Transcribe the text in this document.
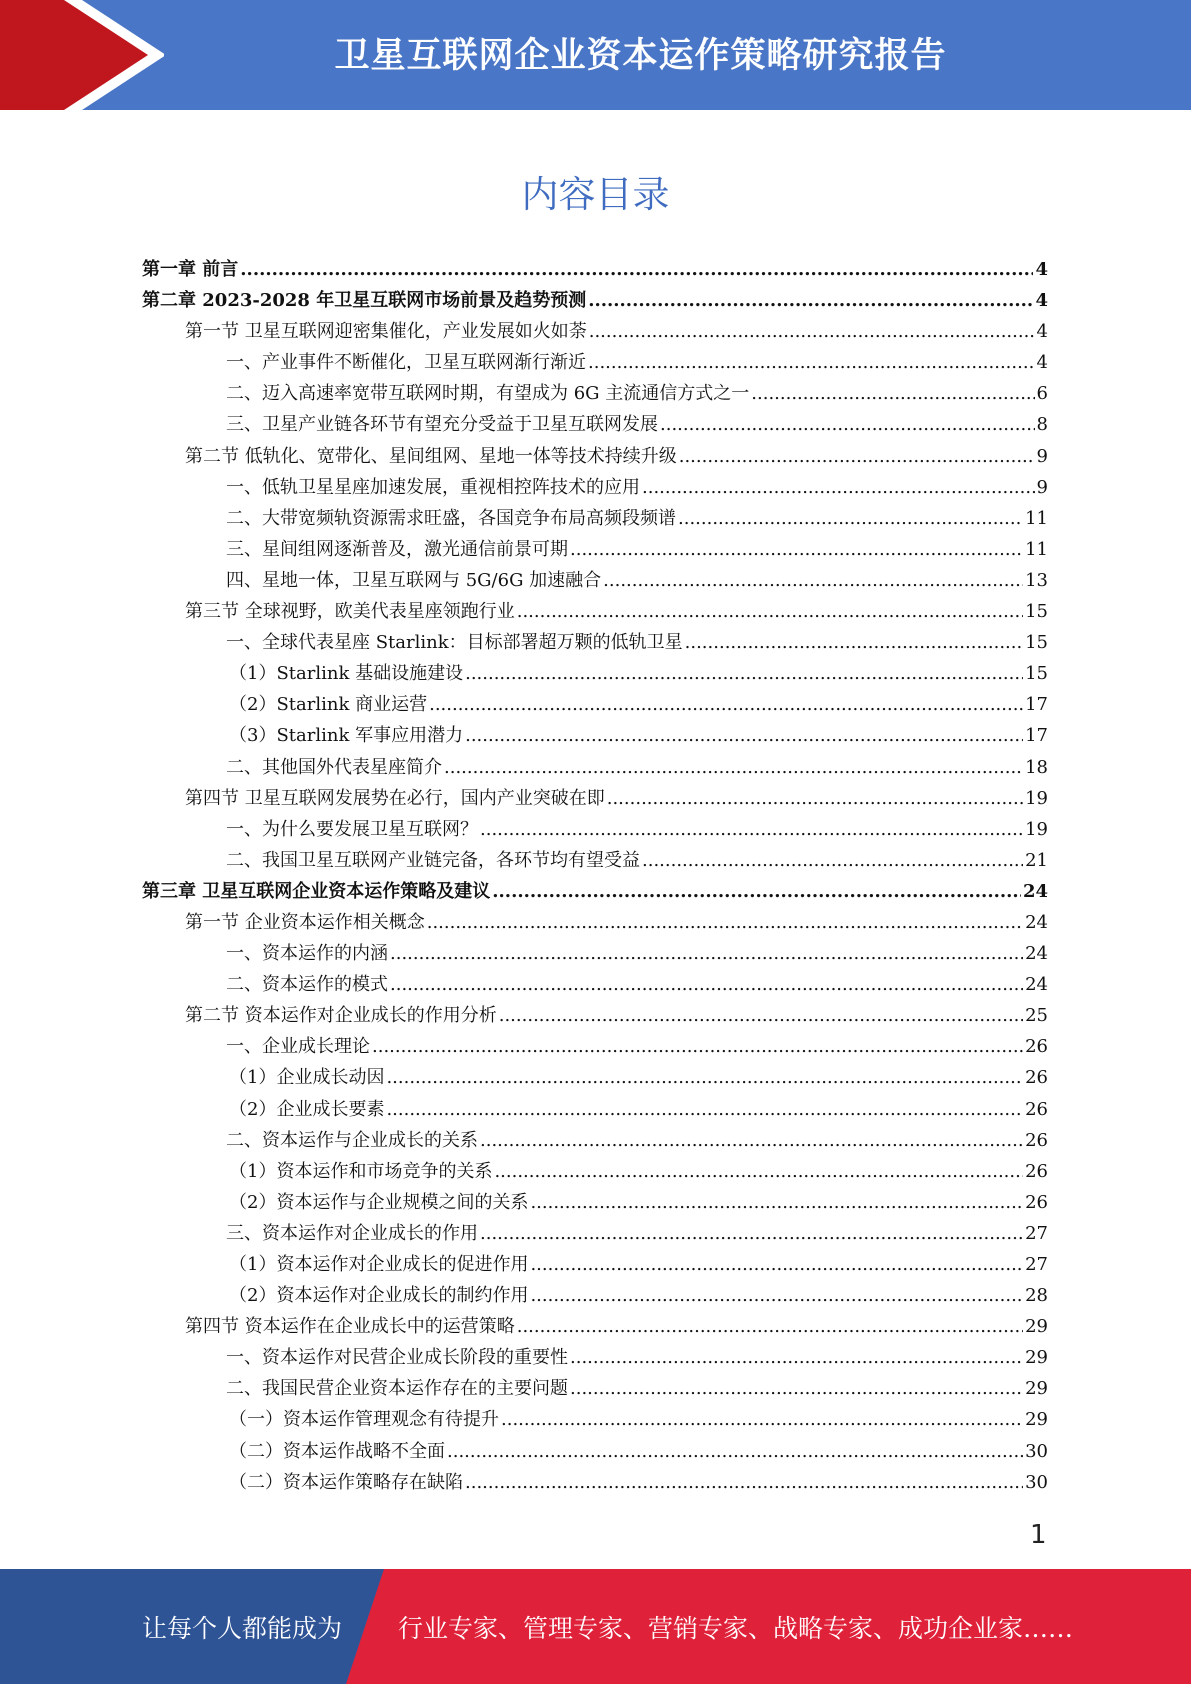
卫星互联网企业资本运作策略研究报告
内容目录
第一章 前言 .....	4
第二章 2023-2028 年卫星互联网市场前景及趋势预测 .....	4
第一节 卫星互联网迎密集催化，产业发展如火如荼 .....	4
一、产业事件不断催化，卫星互联网渐行渐近 .....	4
二、迈入高速率宽带互联网时期，有望成为 6G 主流通信方式之一 .....	6
三、卫星产业链各环节有望充分受益于卫星互联网发展 .....	8
第二节 低轨化、宽带化、星间组网、星地一体等技术持续升级 .....	9
一、低轨卫星星座加速发展，重视相控阵技术的应用 .....	9
二、大带宽频轨资源需求旺盛，各国竞争布局高频段频谱 .....	11
三、星间组网逐渐普及，激光通信前景可期 .....	11
四、星地一体，卫星互联网与 5G/6G 加速融合 .....	13
第三节 全球视野，欧美代表星座领跑行业 .....	15
一、全球代表星座 Starlink：目标部署超万颗的低轨卫星 .....	15
（1）Starlink 基础设施建设 .....	15
（2）Starlink 商业运营 .....	17
（3）Starlink 军事应用潜力 .....	17
二、其他国外代表星座简介 .....	18
第四节 卫星互联网发展势在必行，国内产业突破在即 .....	19
一、为什么要发展卫星互联网？ .....	19
二、我国卫星互联网产业链完备，各环节均有望受益 .....	21
第三章 卫星互联网企业资本运作策略及建议 .....	24
第一节 企业资本运作相关概念 .....	24
一、资本运作的内涵 .....	24
二、资本运作的模式 .....	24
第二节 资本运作对企业成长的作用分析 .....	25
一、企业成长理论 .....	26
（1）企业成长动因 .....	26
（2）企业成长要素 .....	26
二、资本运作与企业成长的关系 .....	26
（1）资本运作和市场竞争的关系 .....	26
（2）资本运作与企业规模之间的关系 .....	26
三、资本运作对企业成长的作用 .....	27
（1）资本运作对企业成长的促进作用 .....	27
（2）资本运作对企业成长的制约作用 .....	28
第四节 资本运作在企业成长中的运营策略 .....	29
一、资本运作对民营企业成长阶段的重要性 .....	29
二、我国民营企业资本运作存在的主要问题 .....	29
（一）资本运作管理观念有待提升 .....	29
（二）资本运作战略不全面 .....	30
（二）资本运作策略存在缺陷 .....	30
1
让每个人都能成为 行业专家、管理专家、营销专家、战略专家、成功企业家……
